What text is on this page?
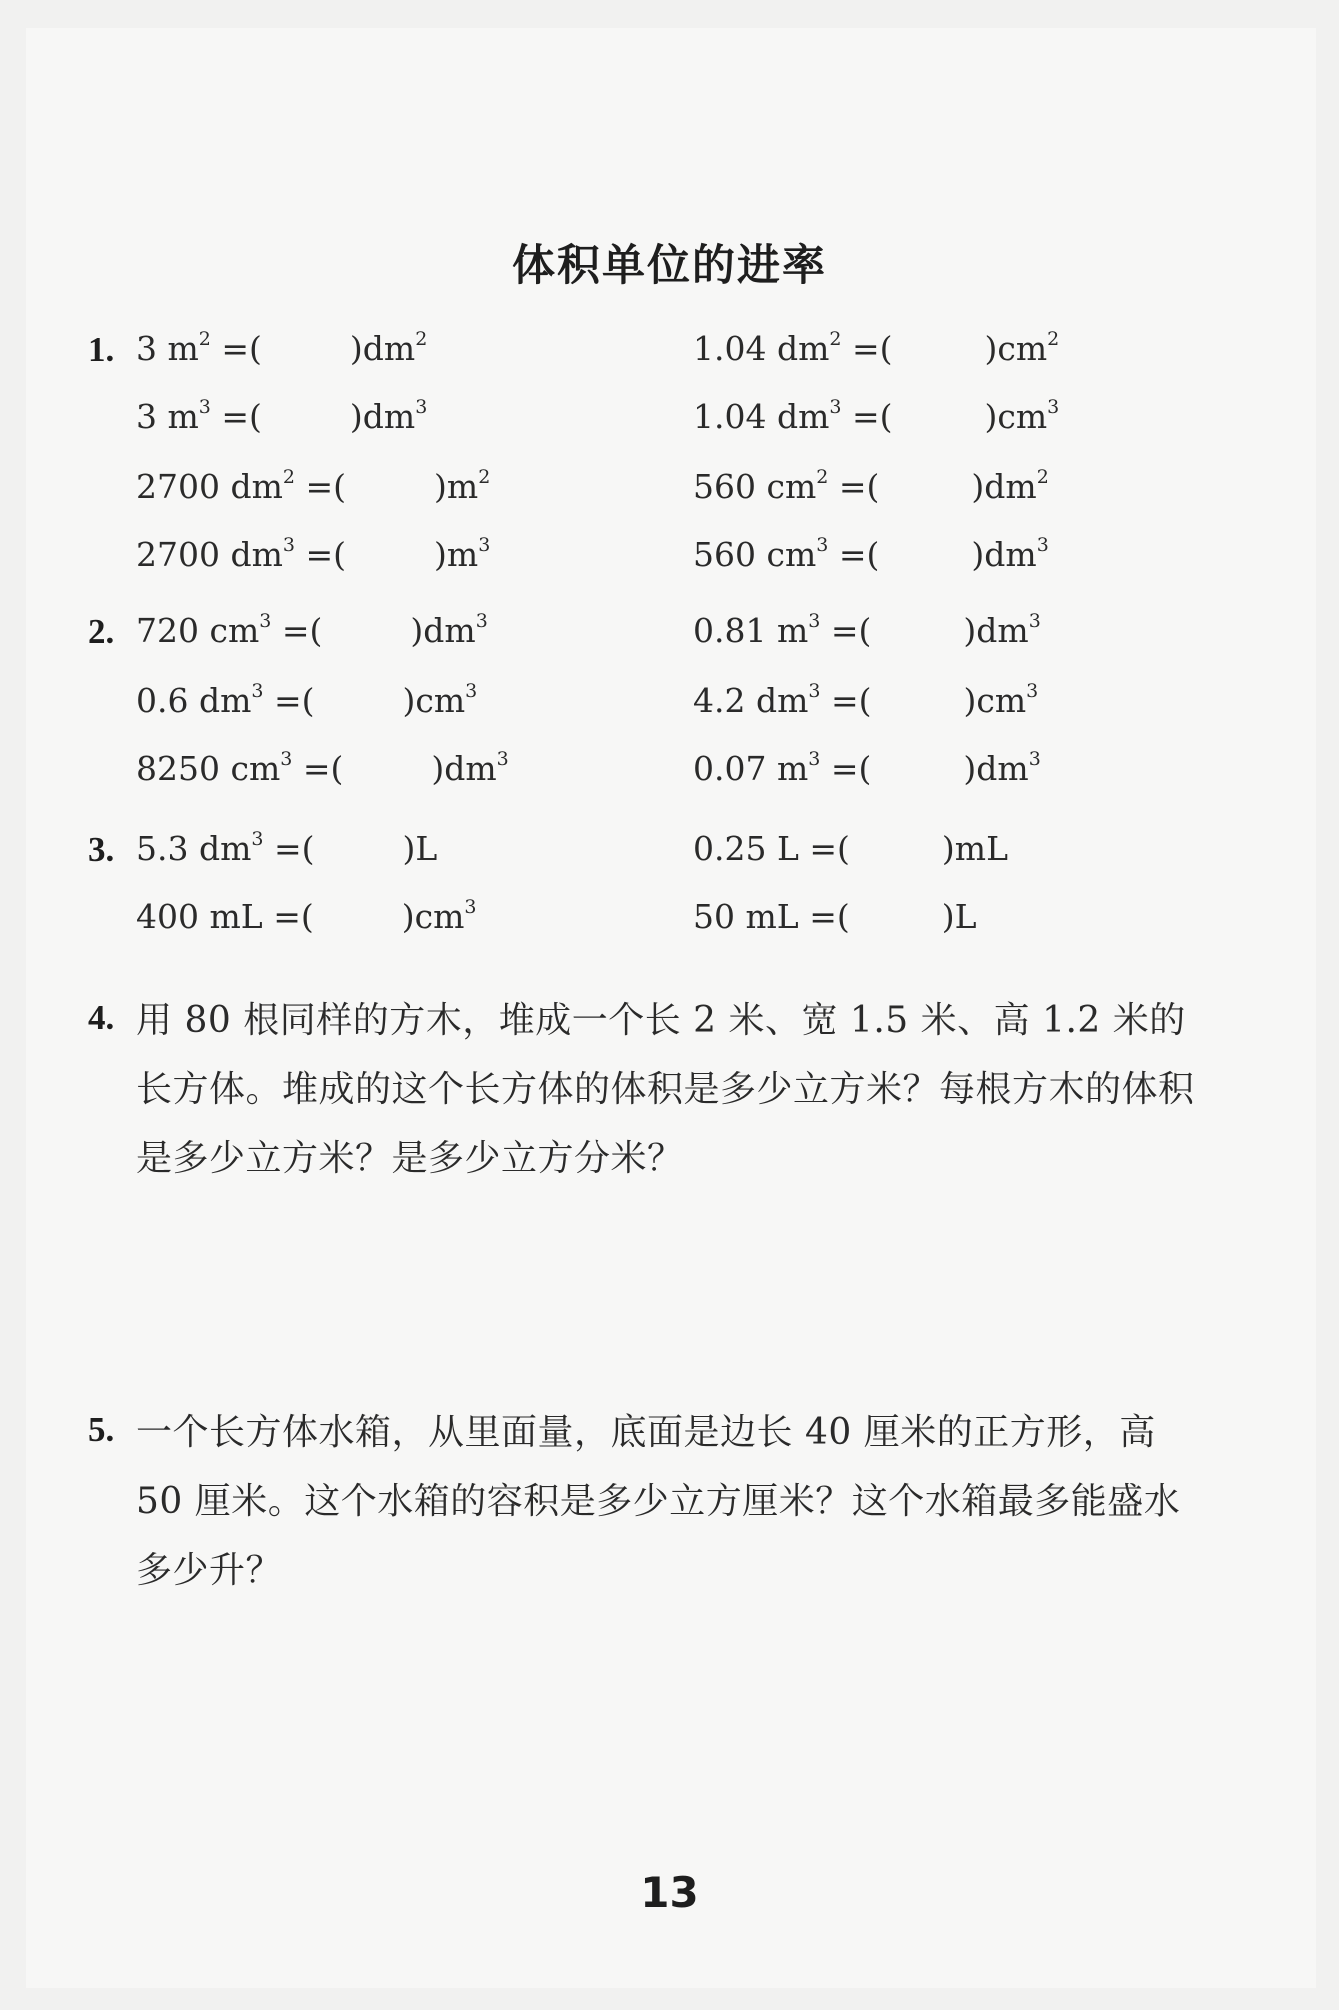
体积单位的进率
1.
2.
3.
4. 用 80 根同样的方木，堆成一个长 2 米、宽 1.5 米、高 1.2 米的长方体。堆成的这个长方体的体积是多少立方米？每根方木的体积是多少立方米？是多少立方分米？
5. 一个长方体水箱，从里面量，底面是边长 40 厘米的正方形，高 50 厘米。这个水箱的容积是多少立方厘米？这个水箱最多能盛水多少升？
13
3 $m^2$ =(	)$dm^2$	1.04 $dm^2$ =(	)$cm^2$
3 $m^3$ =(	)$dm^3$	1.04 $dm^3$ =(	)$cm^3$
2700 $dm^2$ =(	)$m^2$	560 $cm^2$ =(	)$dm^2$
2700 $dm^3$ =(	)$m^3$	560 $cm^3$ =(	)$dm^3$
720 $cm^3$ =(	)$dm^3$	0.81 $m^3$ =(	)$dm^3$
0.6 $dm^3$ =(	)$cm^3$	4.2 $dm^3$ =(	)$cm^3$
8250 $cm^3$ =(	)$dm^3$	0.07 $m^3$ =(	)$dm^3$
5.3 $dm^3$ =(	)L	0.25 L =(	)mL
400 mL =(	)$cm^3$	50 mL =(	)L
